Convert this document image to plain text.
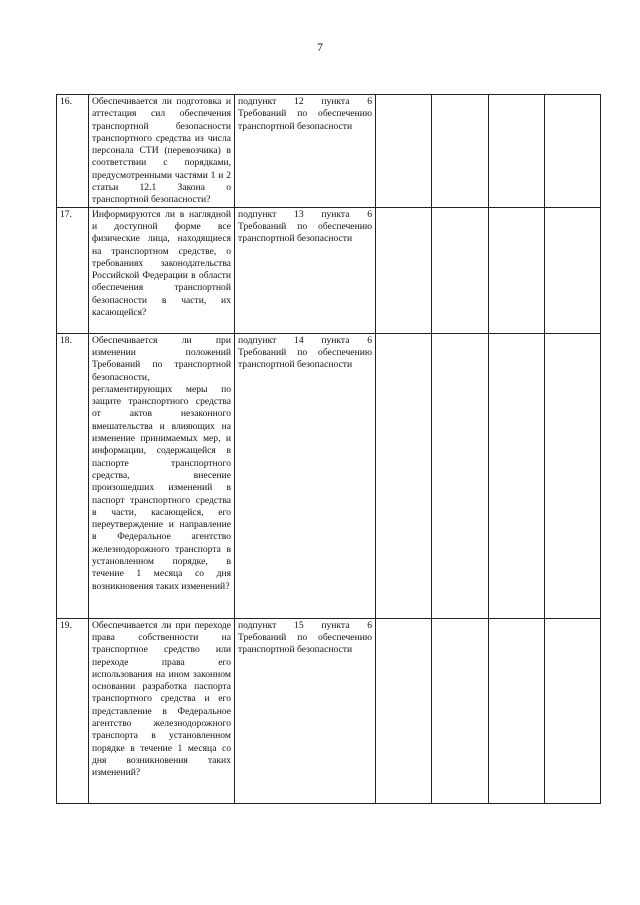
7
16.	Обеспечивается ли подготовка и аттестация сил обеспечения транспортной безопасности транспортного средства из числа персонала СТИ (перевозчика) в соответствии с порядками, предусмотренными частями 1 и 2 статьи 12.1 Закона о транспортной безопасности?	подпункт 12 пункта 6 Требований по обеспечению транспортной безопасности				

17.	Информируются ли в наглядной и доступной форме все физические лица, находящиеся на транспортном средстве, о требованиях законодательства Российской Федерации в области обеспечения транспортной безопасности в части, их касающейся?	подпункт 13 пункта 6 Требований по обеспечению транспортной безопасности				

18.	Обеспечивается ли при изменении положений Требований по транспортной безопасности, регламентирующих меры по защите транспортного средства от актов незаконного вмешательства и влияющих на изменение принимаемых мер, и информации, содержащейся в паспорте транспортного средства, внесение произошедших изменений в паспорт транспортного средства в части, касающейся, его переутверждение и направление в Федеральное агентство железнодорожного транспорта в установленном порядке, в течение 1 месяца со дня возникновения таких изменений?	подпункт 14 пункта 6 Требований по обеспечению транспортной безопасности				

19.	Обеспечивается ли при переходе права собственности на транспортное средство или переходе права его использования на ином законном основании разработка паспорта транспортного средства и его представление в Федеральное агентство железнодорожного транспорта в установленном порядке в течение 1 месяца со дня возникновения таких изменений?	подпункт 15 пункта 6 Требований по обеспечению транспортной безопасности				
